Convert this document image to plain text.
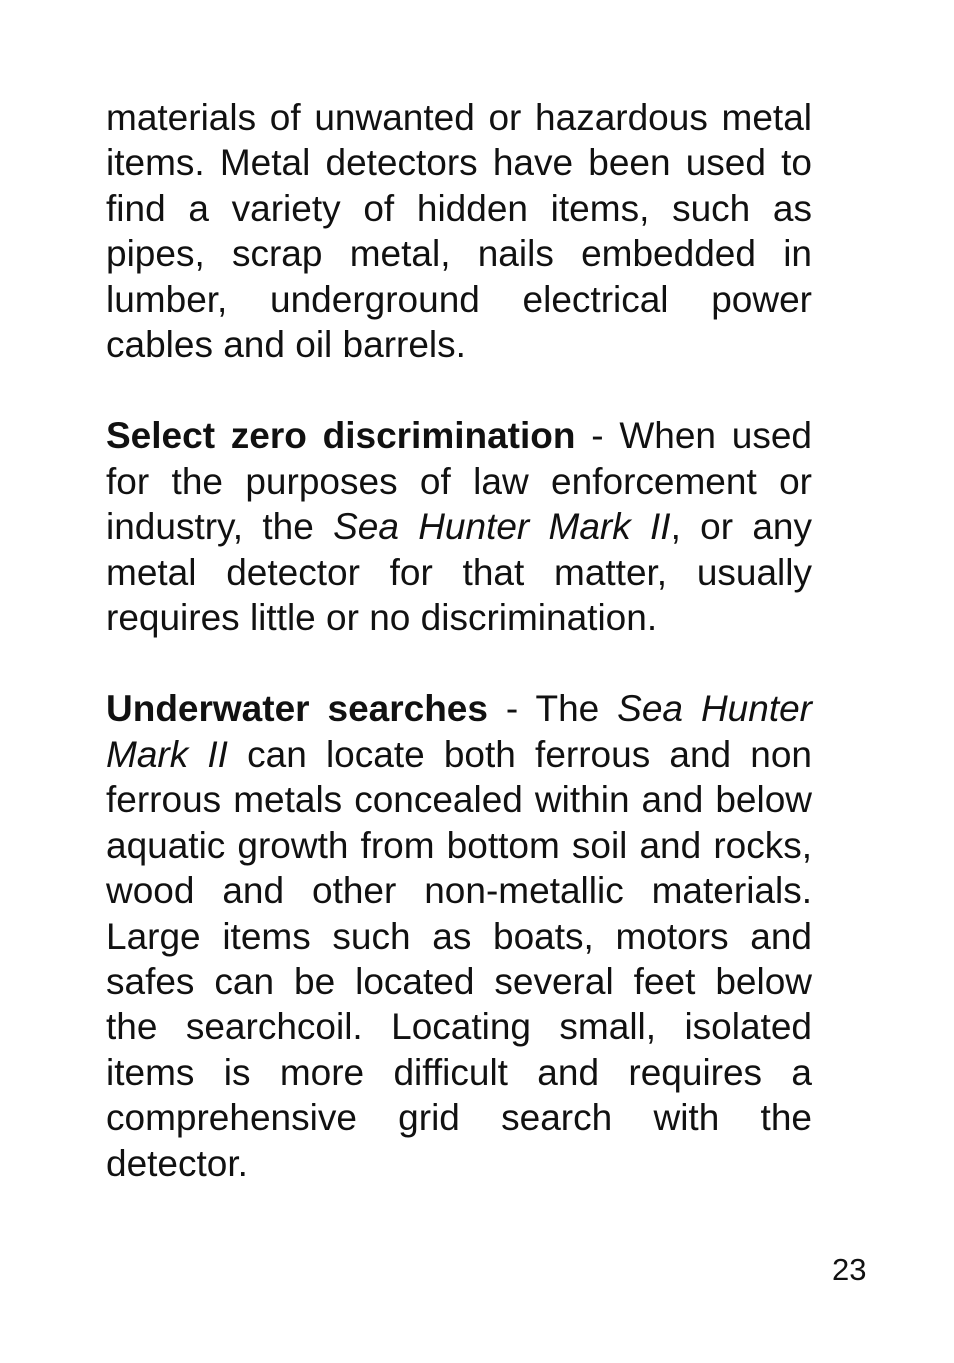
materials of unwanted or hazardous metal items. Metal detectors have been used to find a variety of hidden items, such as pipes, scrap metal, nails embedded in lumber, underground electrical power cables and oil barrels.

Select zero discrimination - When used for the purposes of law enforcement or industry, the Sea Hunter Mark II, or any metal detector for that matter, usually requires little or no discrimination.

Underwater searches - The Sea Hunter Mark II can locate both ferrous and non ferrous metals concealed within and below aquatic growth from bottom soil and rocks, wood and other non-metallic materials. Large items such as boats, motors and safes can be located several feet below the searchcoil. Locating small, isolated items is more difficult and requires a comprehensive grid search with the detector.

23
